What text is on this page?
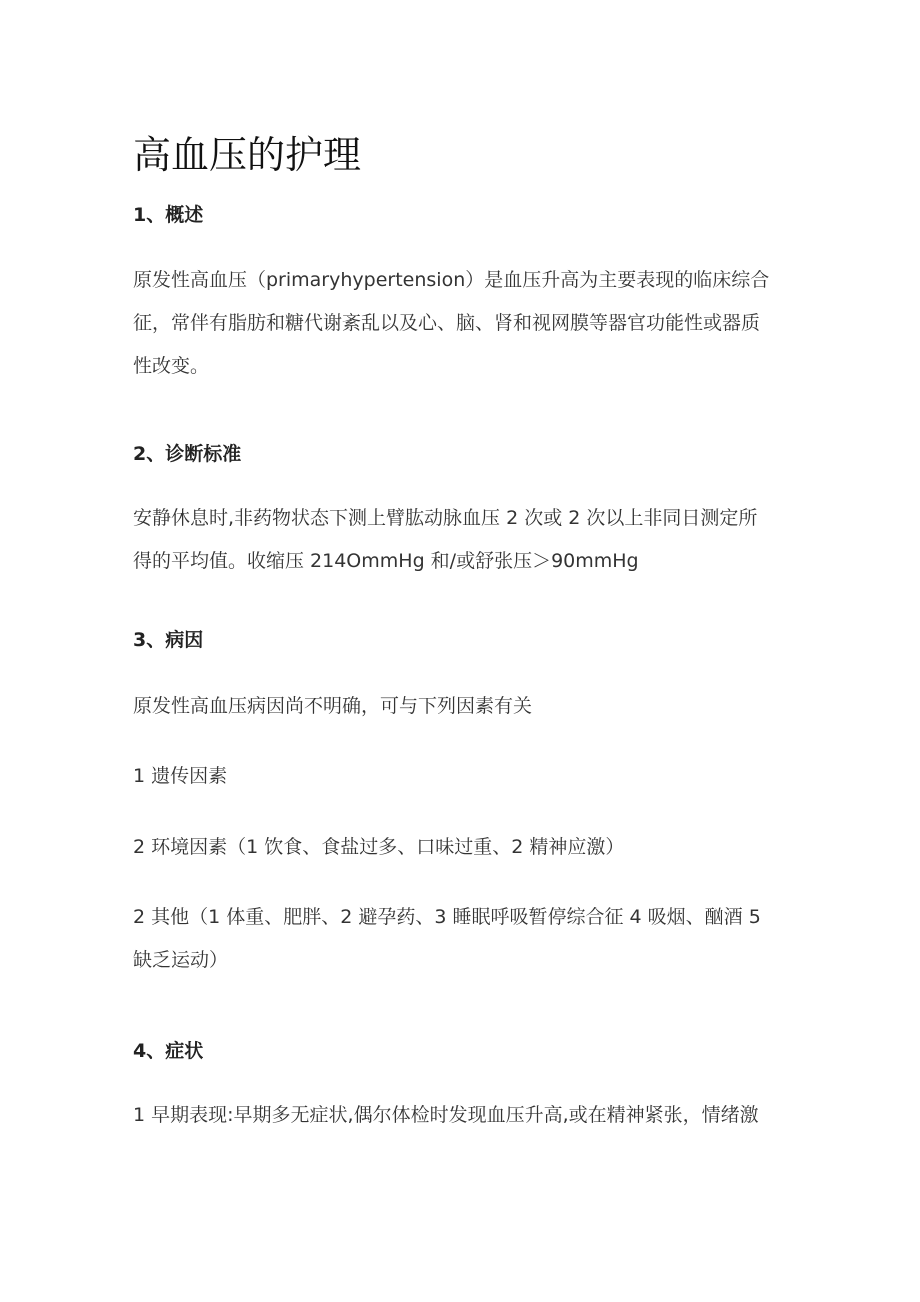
高血压的护理
1、概述
原发性高血压（primaryhypertension）是血压升高为主要表现的临床综合
征，常伴有脂肪和糖代谢紊乱以及心、脑、肾和视网膜等器官功能性或器质
性改变。
2、诊断标准
安静休息时,非药物状态下测上臂肱动脉血压 2 次或 2 次以上非同日测定所
得的平均值。收缩压 214OmmHg 和/或舒张压＞90mmHg
3、病因
原发性高血压病因尚不明确，可与下列因素有关
1 遗传因素
2 环境因素（1 饮食、食盐过多、口味过重、2 精神应激）
2 其他（1 体重、肥胖、2 避孕药、3 睡眠呼吸暂停综合征 4 吸烟、酗酒 5
缺乏运动）
4、症状
1 早期表现:早期多无症状,偶尔体检时发现血压升高,或在精神紧张，情绪激
